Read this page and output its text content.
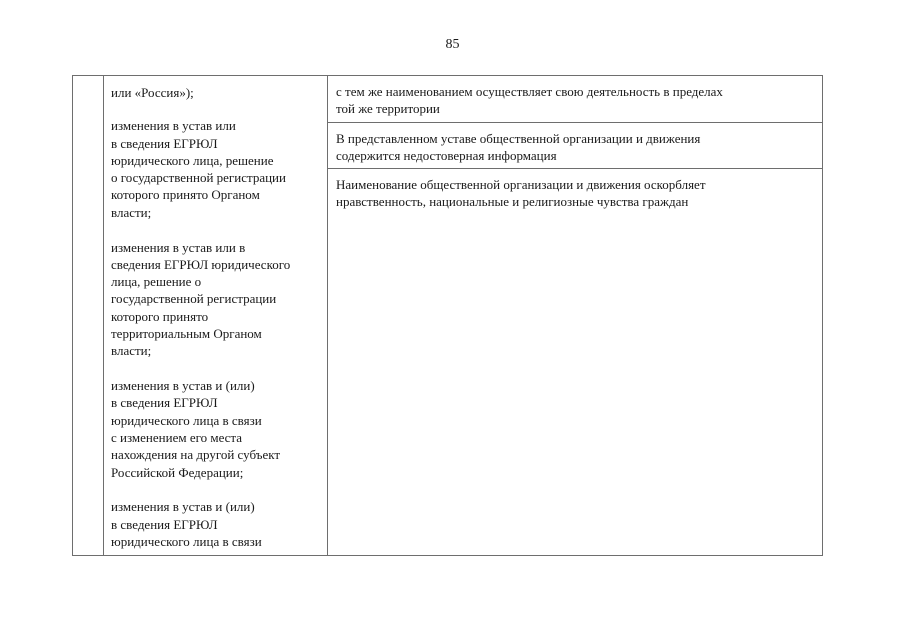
85

или «Россия»);

изменения в устав или
в сведения ЕГРЮЛ
юридического лица, решение
о государственной регистрации
которого принято Органом
власти;

изменения в устав или в
сведения ЕГРЮЛ юридического
лица, решение о
государственной регистрации
которого принято
территориальным Органом
власти;

изменения в устав и (или)
в сведения ЕГРЮЛ
юридического лица в связи
с изменением его места
нахождения на другой субъект
Российской Федерации;

изменения в устав и (или)
в сведения ЕГРЮЛ
юридического лица в связи

с тем же наименованием осуществляет свою деятельность в пределах
той же территории
В представленном уставе общественной организации и движения
содержится недостоверная информация
Наименование общественной организации и движения оскорбляет
нравственность, национальные и религиозные чувства граждан
